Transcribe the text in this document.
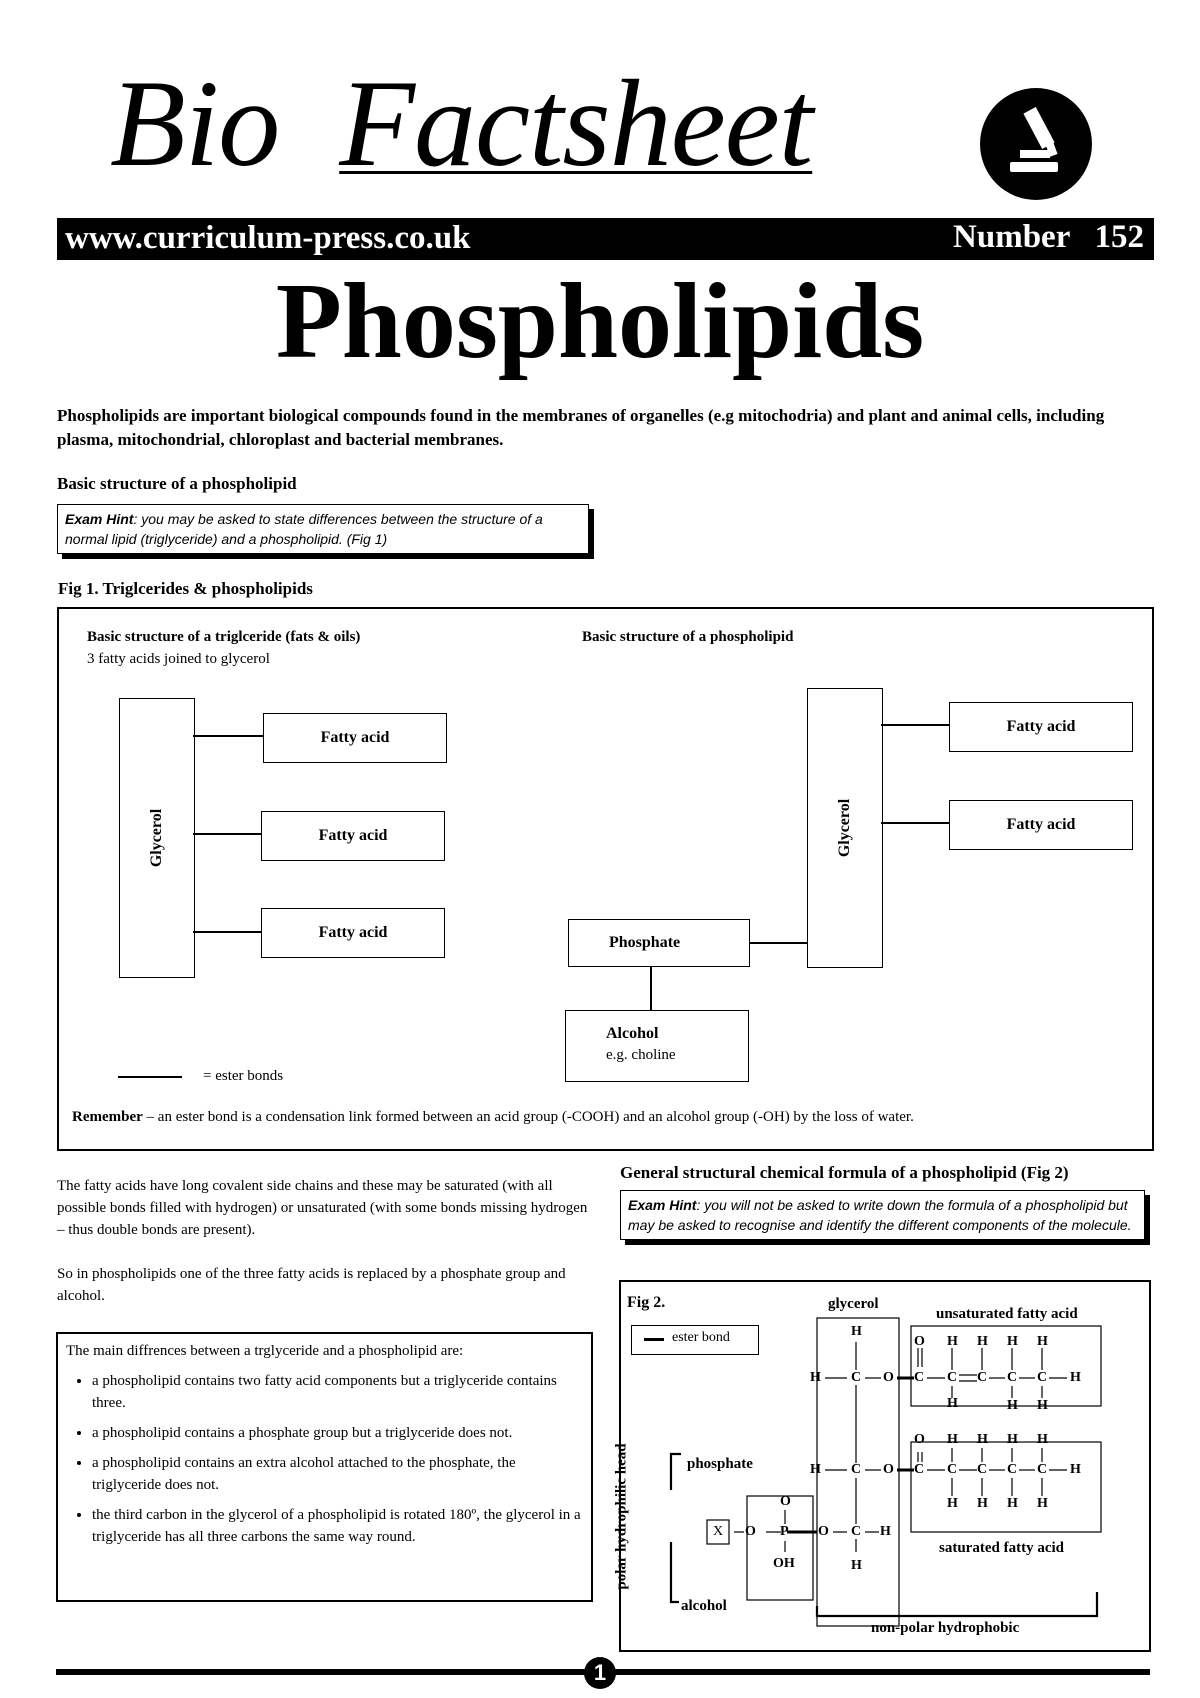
Bio Factsheet
www.curriculum-press.co.uk	Number   152
Phospholipids
Phospholipids are important biological compounds found in the membranes of organelles (e.g mitochodria) and plant and animal cells, including plasma, mitochondrial, chloroplast and bacterial membranes.
Basic structure of a phospholipid
Exam Hint: you may be asked to state differences between the structure of a normal lipid (triglyceride) and a phospholipid. (Fig 1)
Fig 1. Triglcerides & phospholipids
Basic structure of a triglceride (fats & oils)
3 fatty acids joined to glycerol
Basic structure of a phospholipid
Glycerol
Fatty acid
Fatty acid
Fatty acid
Glycerol
Fatty acid
Fatty acid
Phosphate
Alcohol
e.g. choline
= ester bonds
Remember – an ester bond is a condensation link formed between an acid group (-COOH) and an alcohol group (-OH) by the loss of water.
The fatty acids have long covalent side chains and these may be saturated (with all possible bonds filled with hydrogen) or unsaturated (with some bonds missing hydrogen – thus double bonds are present).
So in phospholipids one of the three fatty acids is replaced by a phosphate group and alcohol.
The main diffrences between a trglyceride and a phospholipid are:
• a phospholipid contains two fatty acid components but a triglyceride contains three.
• a phospholipid contains a phosphate group but a triglyceride does not.
• a phospholipid contains an extra alcohol attached to the phosphate, the triglyceride does not.
• the third carbon in the glycerol of a phospholipid is rotated 180º, the glycerol in a triglyceride has all three carbons the same way round.
General structural chemical formula of a phospholipid (Fig 2)
Exam Hint: you will not be asked to write down the formula of a phospholipid but may be asked to recognise and identify the different components of the molecule.
Fig 2.
ester bond
glycerol
unsaturated fatty acid
saturated fatty acid
phosphate
alcohol
non-polar hydrophobic
polar hydrophilic head
H
H C O
H C O
O C H
H
O
P
OH
O
X
O H H H H
C C C C C H
H	H H
O H H H H
C C C C C H
H H H H
1
